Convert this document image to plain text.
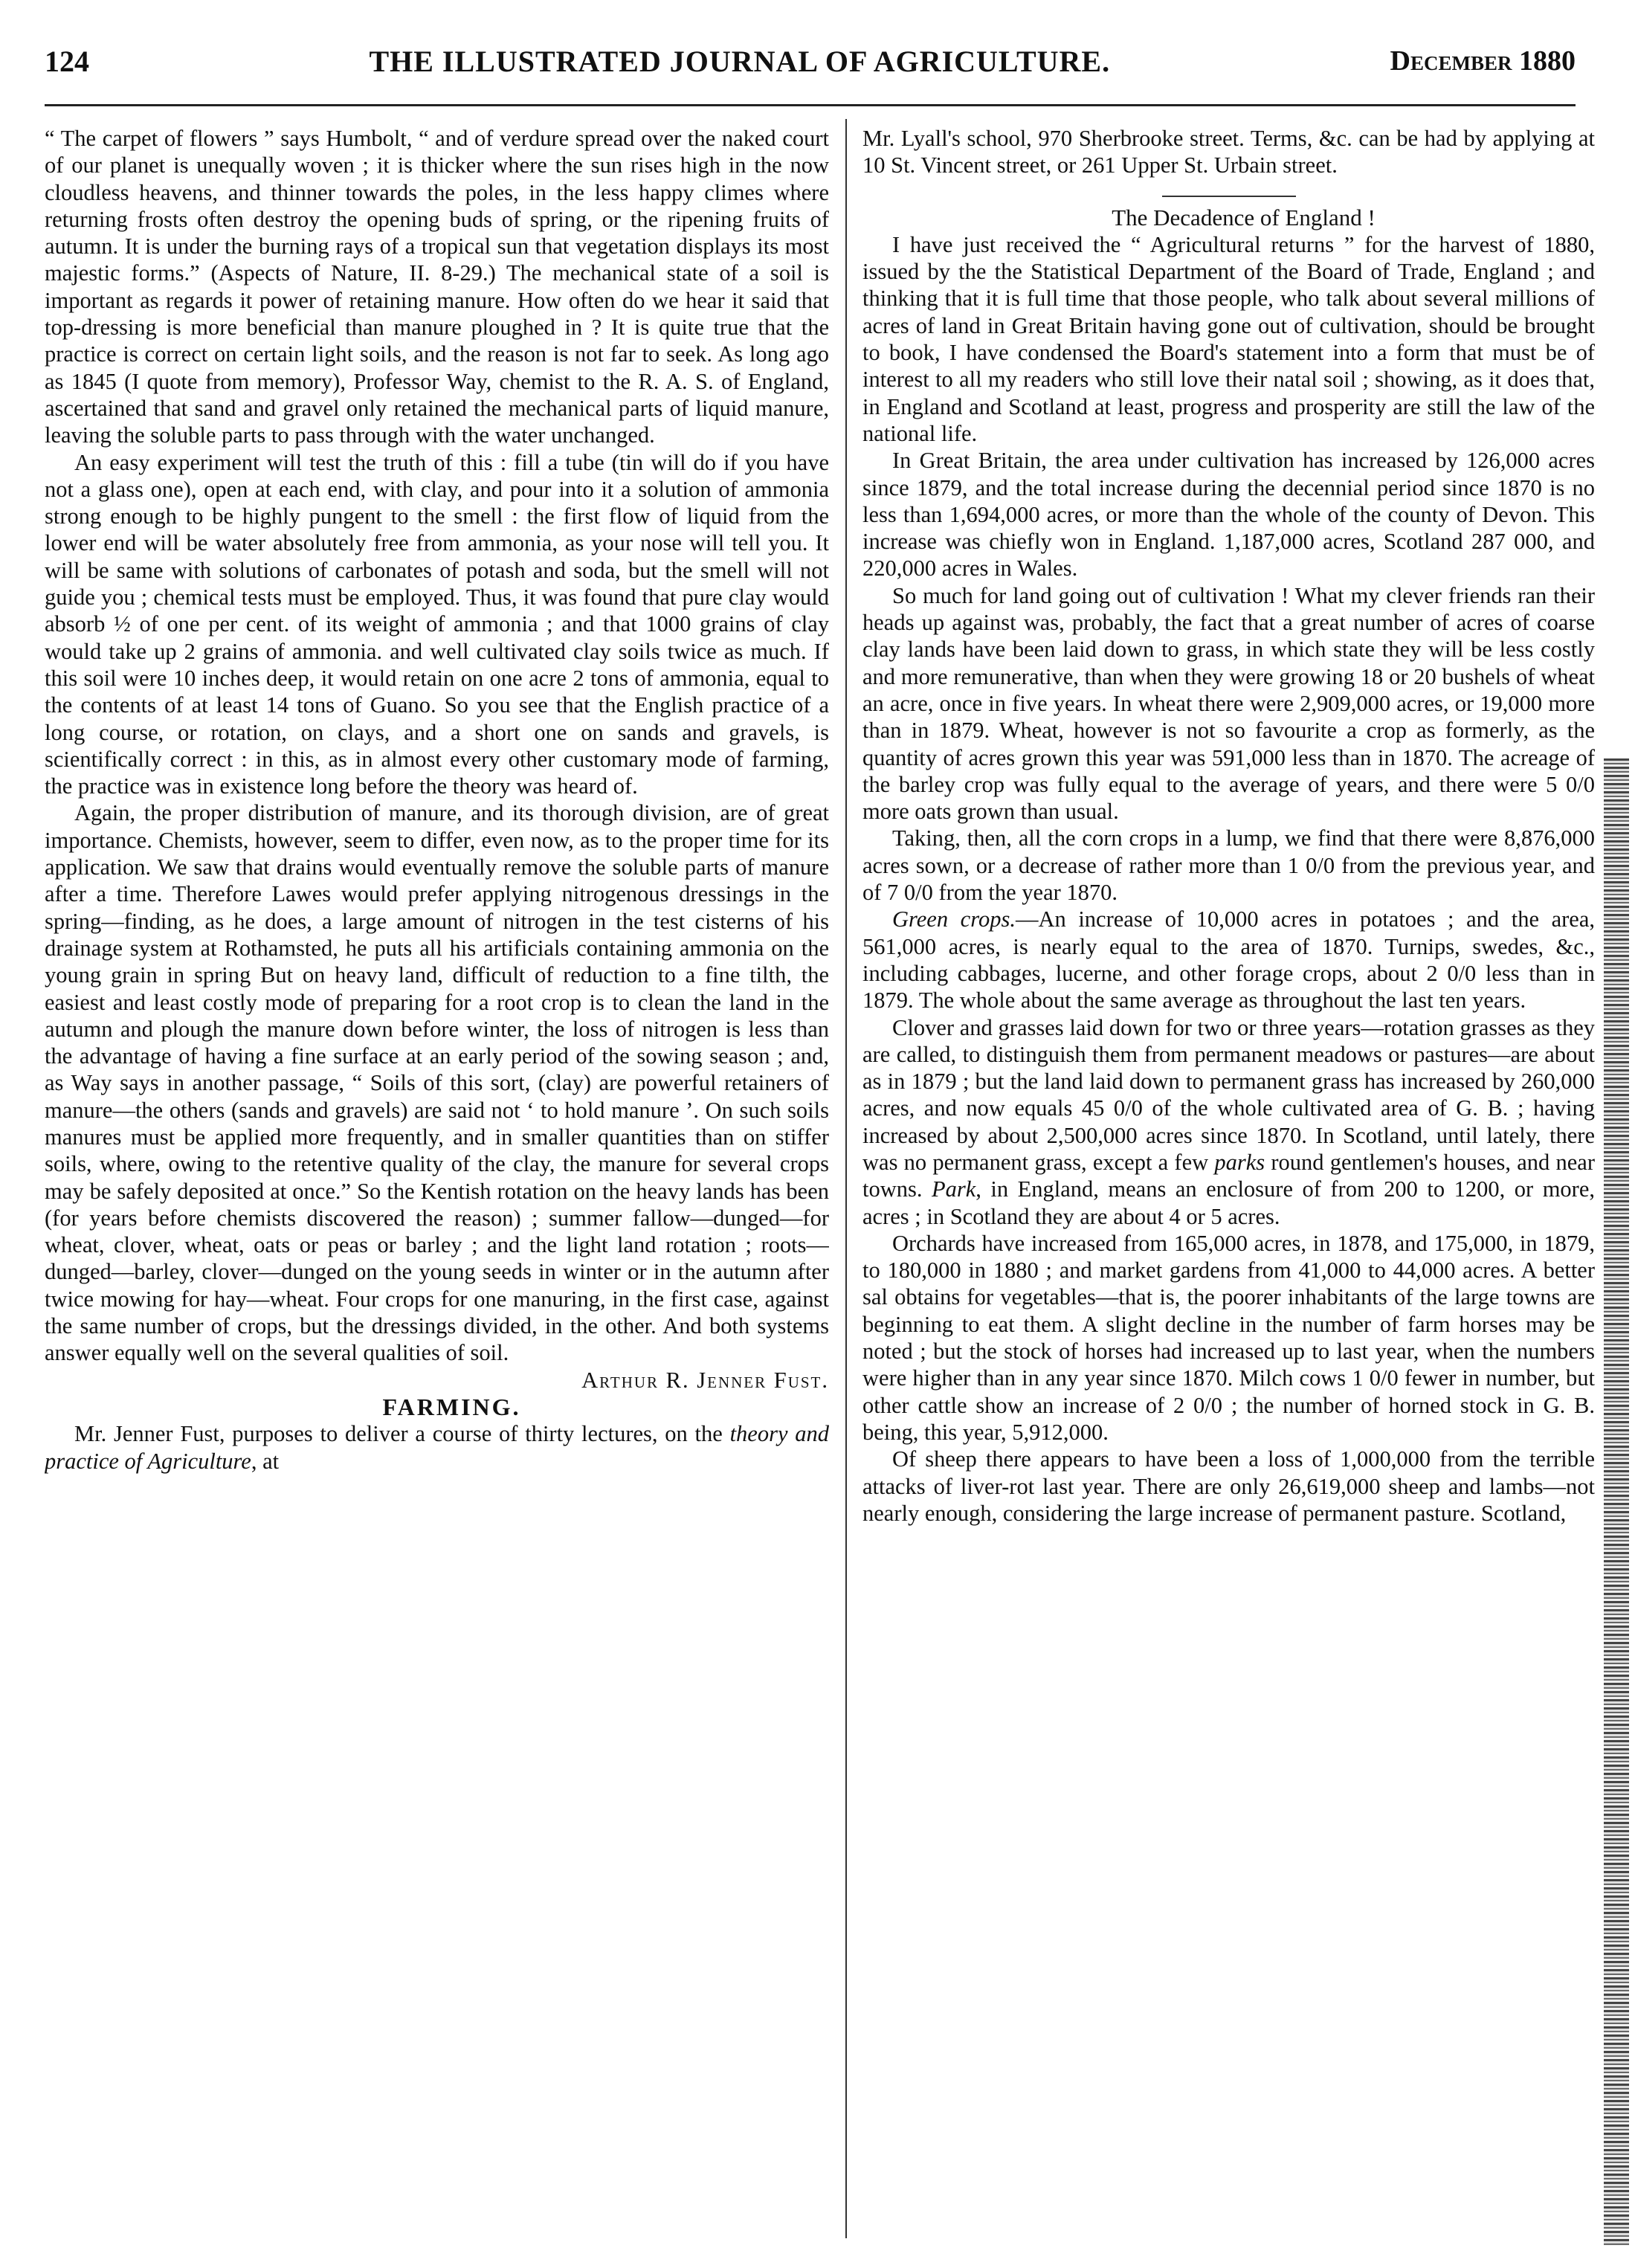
124	THE ILLUSTRATED JOURNAL OF AGRICULTURE.	December 1880

“ The carpet of flowers ” says Humbolt, “ and of verdure spread over the naked court of our planet is unequally woven ; it is thicker where the sun rises high in the now cloudless heavens, and thinner towards the poles, in the less happy climes where returning frosts often destroy the opening buds of spring, or the ripening fruits of autumn. It is under the burning rays of a tropical sun that vegetation displays its most majestic forms.” (Aspects of Nature, II. 8-29.) The mechanical state of a soil is important as regards it power of retaining manure. How often do we hear it said that top-dressing is more beneficial than manure ploughed in ? It is quite true that the practice is correct on certain light soils, and the reason is not far to seek. As long ago as 1845 (I quote from memory), Professor Way, chemist to the R. A. S. of England, ascertained that sand and gravel only retained the mechanical parts of liquid manure, leaving the soluble parts to pass through with the water unchanged.

An easy experiment will test the truth of this : fill a tube (tin will do if you have not a glass one), open at each end, with clay, and pour into it a solution of ammonia strong enough to be highly pungent to the smell : the first flow of liquid from the lower end will be water absolutely free from ammonia, as your nose will tell you. It will be same with solutions of carbonates of potash and soda, but the smell will not guide you ; chemical tests must be employed. Thus, it was found that pure clay would absorb ½ of one per cent. of its weight of ammonia ; and that 1000 grains of clay would take up 2 grains of ammonia. and well cultivated clay soils twice as much. If this soil were 10 inches deep, it would retain on one acre 2 tons of ammonia, equal to the contents of at least 14 tons of Guano. So you see that the English practice of a long course, or rotation, on clays, and a short one on sands and gravels, is scientifically correct : in this, as in almost every other customary mode of farming, the practice was in existence long before the theory was heard of.

Again, the proper distribution of manure, and its thorough division, are of great importance. Chemists, however, seem to differ, even now, as to the proper time for its application. We saw that drains would eventually remove the soluble parts of manure after a time. Therefore Lawes would prefer applying nitrogenous dressings in the spring—finding, as he does, a large amount of nitrogen in the test cisterns of his drainage system at Rothamsted, he puts all his artificials containing ammonia on the young grain in spring But on heavy land, difficult of reduction to a fine tilth, the easiest and least costly mode of preparing for a root crop is to clean the land in the autumn and plough the manure down before winter, the loss of nitrogen is less than the advantage of having a fine surface at an early period of the sowing season ; and, as Way says in another passage, “ Soils of this sort, (clay) are powerful retainers of manure—the others (sands and gravels) are said not ‘ to hold manure ’. On such soils manures must be applied more frequently, and in smaller quantities than on stiffer soils, where, owing to the retentive quality of the clay, the manure for several crops may be safely deposited at once.” So the Kentish rotation on the heavy lands has been (for years before chemists discovered the reason) ; summer fallow—dunged—for wheat, clover, wheat, oats or peas or barley ; and the light land rotation ; roots—dunged—barley, clover—dunged on the young seeds in winter or in the autumn after twice mowing for hay—wheat. Four crops for one manuring, in the first case, against the same number of crops, but the dressings divided, in the other. And both systems answer equally well on the several qualities of soil.

Arthur R. Jenner Fust.

FARMING.

Mr. Jenner Fust, purposes to deliver a course of thirty lectures, on the theory and practice of Agriculture, at

Mr. Lyall's school, 970 Sherbrooke street. Terms, &c. can be had by applying at 10 St. Vincent street, or 261 Upper St. Urbain street.

The Decadence of England !

I have just received the “ Agricultural returns ” for the harvest of 1880, issued by the the Statistical Department of the Board of Trade, England ; and thinking that it is full time that those people, who talk about several millions of acres of land in Great Britain having gone out of cultivation, should be brought to book, I have condensed the Board's statement into a form that must be of interest to all my readers who still love their natal soil ; showing, as it does that, in England and Scotland at least, progress and prosperity are still the law of the national life.

In Great Britain, the area under cultivation has increased by 126,000 acres since 1879, and the total increase during the decennial period since 1870 is no less than 1,694,000 acres, or more than the whole of the county of Devon. This increase was chiefly won in England. 1,187,000 acres, Scotland 287 000, and 220,000 acres in Wales.

So much for land going out of cultivation ! What my clever friends ran their heads up against was, probably, the fact that a great number of acres of coarse clay lands have been laid down to grass, in which state they will be less costly and more remunerative, than when they were growing 18 or 20 bushels of wheat an acre, once in five years. In wheat there were 2,909,000 acres, or 19,000 more than in 1879. Wheat, however is not so favourite a crop as formerly, as the quantity of acres grown this year was 591,000 less than in 1870. The acreage of the barley crop was fully equal to the average of years, and there were 5 0/0 more oats grown than usual.

Taking, then, all the corn crops in a lump, we find that there were 8,876,000 acres sown, or a decrease of rather more than 1 0/0 from the previous year, and of 7 0/0 from the year 1870.

Green crops.—An increase of 10,000 acres in potatoes ; and the area, 561,000 acres, is nearly equal to the area of 1870. Turnips, swedes, &c., including cabbages, lucerne, and other forage crops, about 2 0/0 less than in 1879. The whole about the same average as throughout the last ten years.

Clover and grasses laid down for two or three years—rotation grasses as they are called, to distinguish them from permanent meadows or pastures—are about as in 1879 ; but the land laid down to permanent grass has increased by 260,000 acres, and now equals 45 0/0 of the whole cultivated area of G. B. ; having increased by about 2,500,000 acres since 1870. In Scotland, until lately, there was no permanent grass, except a few parks round gentlemen's houses, and near towns. Park, in England, means an enclosure of from 200 to 1200, or more, acres ; in Scotland they are about 4 or 5 acres.

Orchards have increased from 165,000 acres, in 1878, and 175,000, in 1879, to 180,000 in 1880 ; and market gardens from 41,000 to 44,000 acres. A better sal obtains for vegetables—that is, the poorer inhabitants of the large towns are beginning to eat them. A slight decline in the number of farm horses may be noted ; but the stock of horses had increased up to last year, when the numbers were higher than in any year since 1870. Milch cows 1 0/0 fewer in number, but other cattle show an increase of 2 0/0 ; the number of horned stock in G. B. being, this year, 5,912,000.

Of sheep there appears to have been a loss of 1,000,000 from the terrible attacks of liver-rot last year. There are only 26,619,000 sheep and lambs—not nearly enough, considering the large increase of permanent pasture. Scotland,
